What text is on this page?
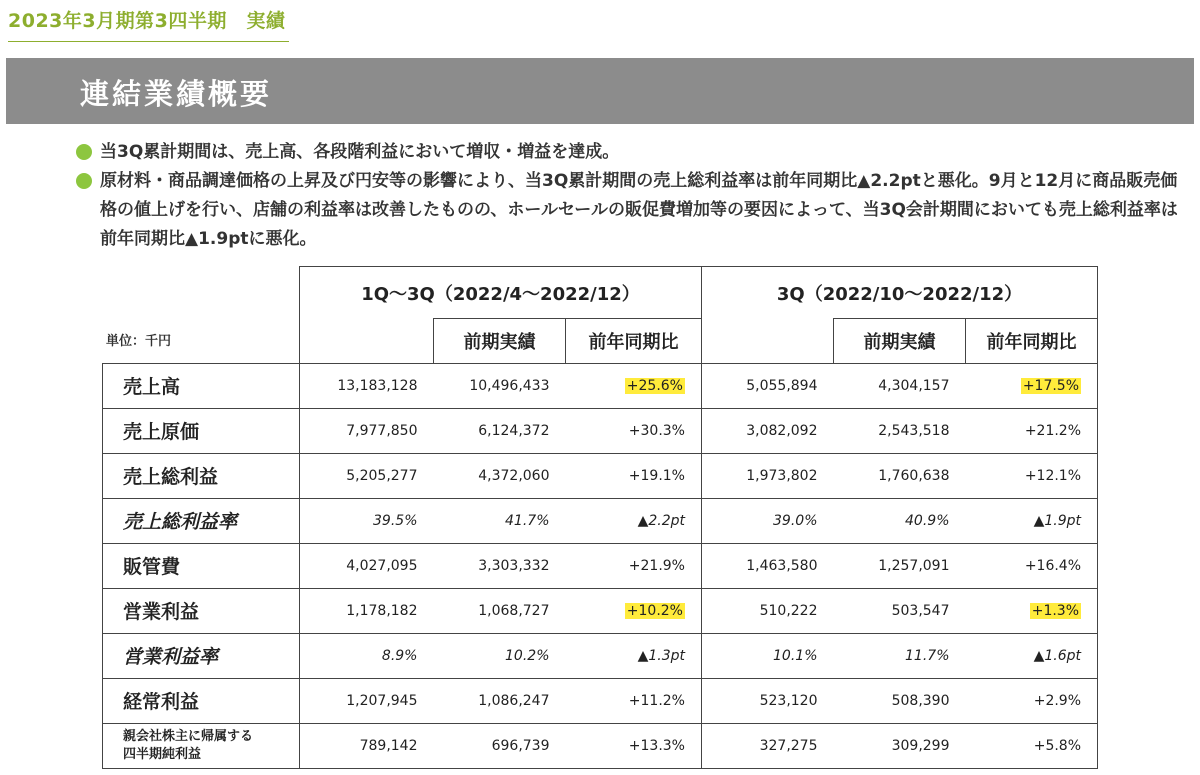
2023年3月期第3四半期　実績
連結業績概要
当3Q累計期間は、売上高、各段階利益において増収・増益を達成。
原材料・商品調達価格の上昇及び円安等の影響により、当3Q累計期間の売上総利益率は前年同期比▲2.2ptと悪化。9月と12月に商品販売価格の値上げを行い、店舗の利益率は改善したものの、ホールセールの販促費増加等の要因によって、当3Q会計期間においても売上総利益率は前年同期比▲1.9ptに悪化。
単位：千円
	1Q～3Q（2022/4～2022/12）			3Q（2022/10～2022/12）		
		前期実績	前年同期比		前期実績	前年同期比
売上高	13,183,128	10,496,433	+25.6%	5,055,894	4,304,157	+17.5%
売上原価	7,977,850	6,124,372	+30.3%	3,082,092	2,543,518	+21.2%
売上総利益	5,205,277	4,372,060	+19.1%	1,973,802	1,760,638	+12.1%
売上総利益率	39.5%	41.7%	▲2.2pt	39.0%	40.9%	▲1.9pt
販管費	4,027,095	3,303,332	+21.9%	1,463,580	1,257,091	+16.4%
営業利益	1,178,182	1,068,727	+10.2%	510,222	503,547	+1.3%
営業利益率	8.9%	10.2%	▲1.3pt	10.1%	11.7%	▲1.6pt
経常利益	1,207,945	1,086,247	+11.2%	523,120	508,390	+2.9%
親会社株主に帰属する
四半期純利益	789,142	696,739	+13.3%	327,275	309,299	+5.8%
